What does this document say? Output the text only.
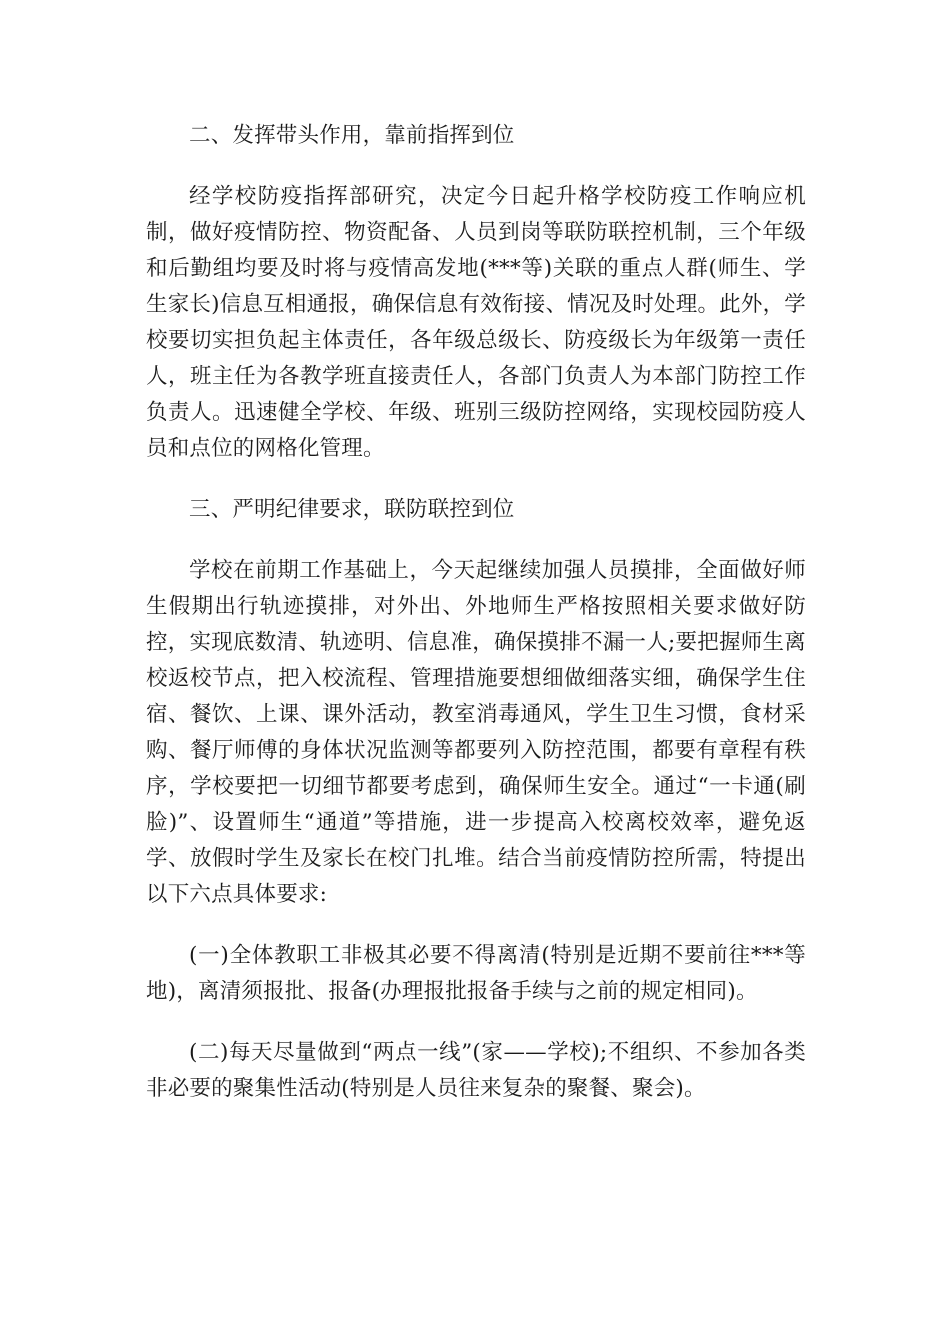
二、发挥带头作用，靠前指挥到位

经学校防疫指挥部研究，决定今日起升格学校防疫工作响应机制，做好疫情防控、物资配备、人员到岗等联防联控机制，三个年级和后勤组均要及时将与疫情高发地(***等)关联的重点人群(师生、学生家长)信息互相通报，确保信息有效衔接、情况及时处理。此外，学校要切实担负起主体责任，各年级总级长、防疫级长为年级第一责任人，班主任为各教学班直接责任人，各部门负责人为本部门防控工作负责人。迅速健全学校、年级、班别三级防控网络，实现校园防疫人员和点位的网格化管理。

三、严明纪律要求，联防联控到位

学校在前期工作基础上，今天起继续加强人员摸排，全面做好师生假期出行轨迹摸排，对外出、外地师生严格按照相关要求做好防控，实现底数清、轨迹明、信息准，确保摸排不漏一人;要把握师生离校返校节点，把入校流程、管理措施要想细做细落实细，确保学生住宿、餐饮、上课、课外活动，教室消毒通风，学生卫生习惯，食材采购、餐厅师傅的身体状况监测等都要列入防控范围，都要有章程有秩序，学校要把一切细节都要考虑到，确保师生安全。通过“一卡通(刷脸)”、设置师生“通道”等措施，进一步提高入校离校效率，避免返学、放假时学生及家长在校门扎堆。结合当前疫情防控所需，特提出以下六点具体要求:

(一)全体教职工非极其必要不得离清(特别是近期不要前往***等地)，离清须报批、报备(办理报批报备手续与之前的规定相同)。

(二)每天尽量做到“两点一线”(家——学校);不组织、不参加各类非必要的聚集性活动(特别是人员往来复杂的聚餐、聚会)。
